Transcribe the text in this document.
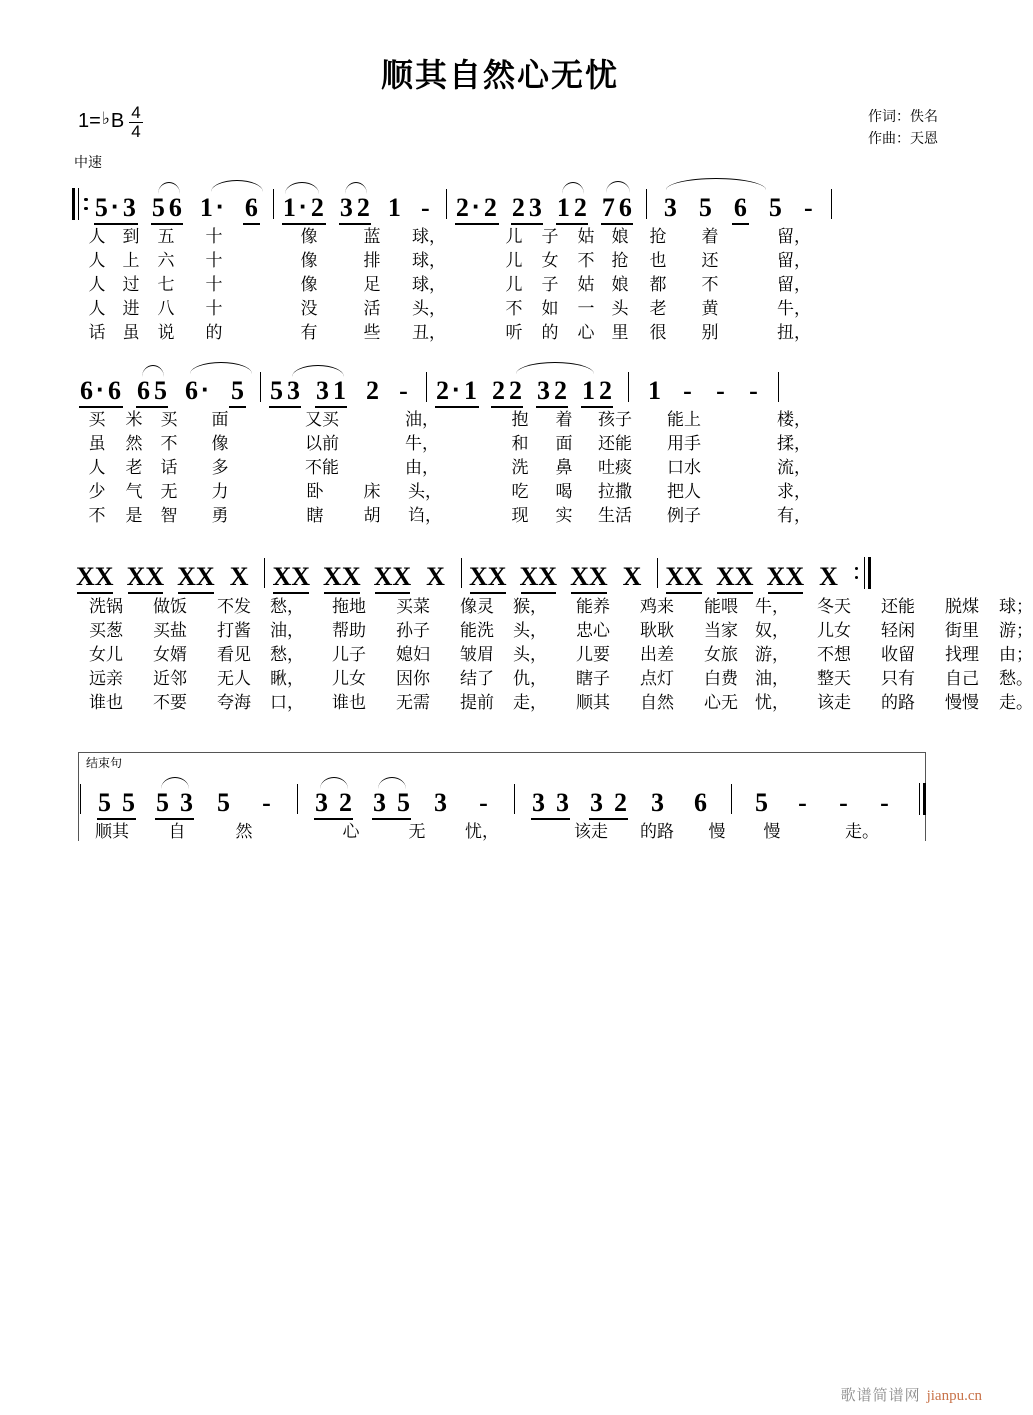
顺其自然心无忧
1= ♭ B $\frac{4}{4}$
中速
作词：佚名
作曲：天恩
5 · 3 5 6 1 · 6 1 · 2 3 2 1 - 2 · 2 2 3 1 2 7 6 3 5 6 5 -
人 到 五 十	像	蓝 球，	儿 子 姑 娘 抢 着	留，
人 上 六 十	像	排 球，	儿 女 不 抢 也 还	留，
人 过 七 十	像	足 球，	儿 子 姑 娘 都 不	留，
人 进 八 十	没	活 头，	不 如 一 头 老 黄	牛，
话 虽 说 的	有	些 丑，	听 的 心 里 很 别	扭，
6 · 6 6 5 6 · 5 5 3 3 1 2 - 2 · 1 2 2 3 2 1 2 1 - - -
买 米 买 面	又买	油，	抱 着 孩子 能上	楼，
虽 然 不 像	以前	牛，	和 面 还能 用手	揉，
人 老 话 多	不能	由，	洗 鼻 吐痰 口水	流，
少 气 无 力	卧 床 头，	吃 喝 拉撒 把人	求，
不 是 智 勇	瞎 胡 诌，	现 实 生活 例子	有，
X X X X X X X X X X X X X X X X X X X X X X X X X X X X
洗锅 做饭 不发 愁， 拖地 买菜 像灵 猴， 能养 鸡来 能喂 牛， 冬天 还能 脱煤 球；
买葱 买盐 打酱 油， 帮助 孙子 能洗 头， 忠心 耿耿 当家 奴， 儿女 轻闲 街里 游；
女儿 女婿 看见 愁， 儿子 媳妇 皱眉 头， 儿要 出差 女旅 游， 不想 收留 找理 由；
远亲 近邻 无人 瞅， 儿女 因你 结了 仇， 瞎子 点灯 白费 油， 整天 只有 自己 愁。
谁也 不要 夸海 口， 谁也 无需 提前 走， 顺其 自然 心无 忧， 该走 的路 慢慢 走。
结束句
5 5 5 3 5 - 3 2 3 5 3 - 3 3 3 2 3 6 5 - - -
顺其 自	然	心	无 忧，	该走 的路 慢 慢	走。
歌谱简谱网 jianpu.cn
